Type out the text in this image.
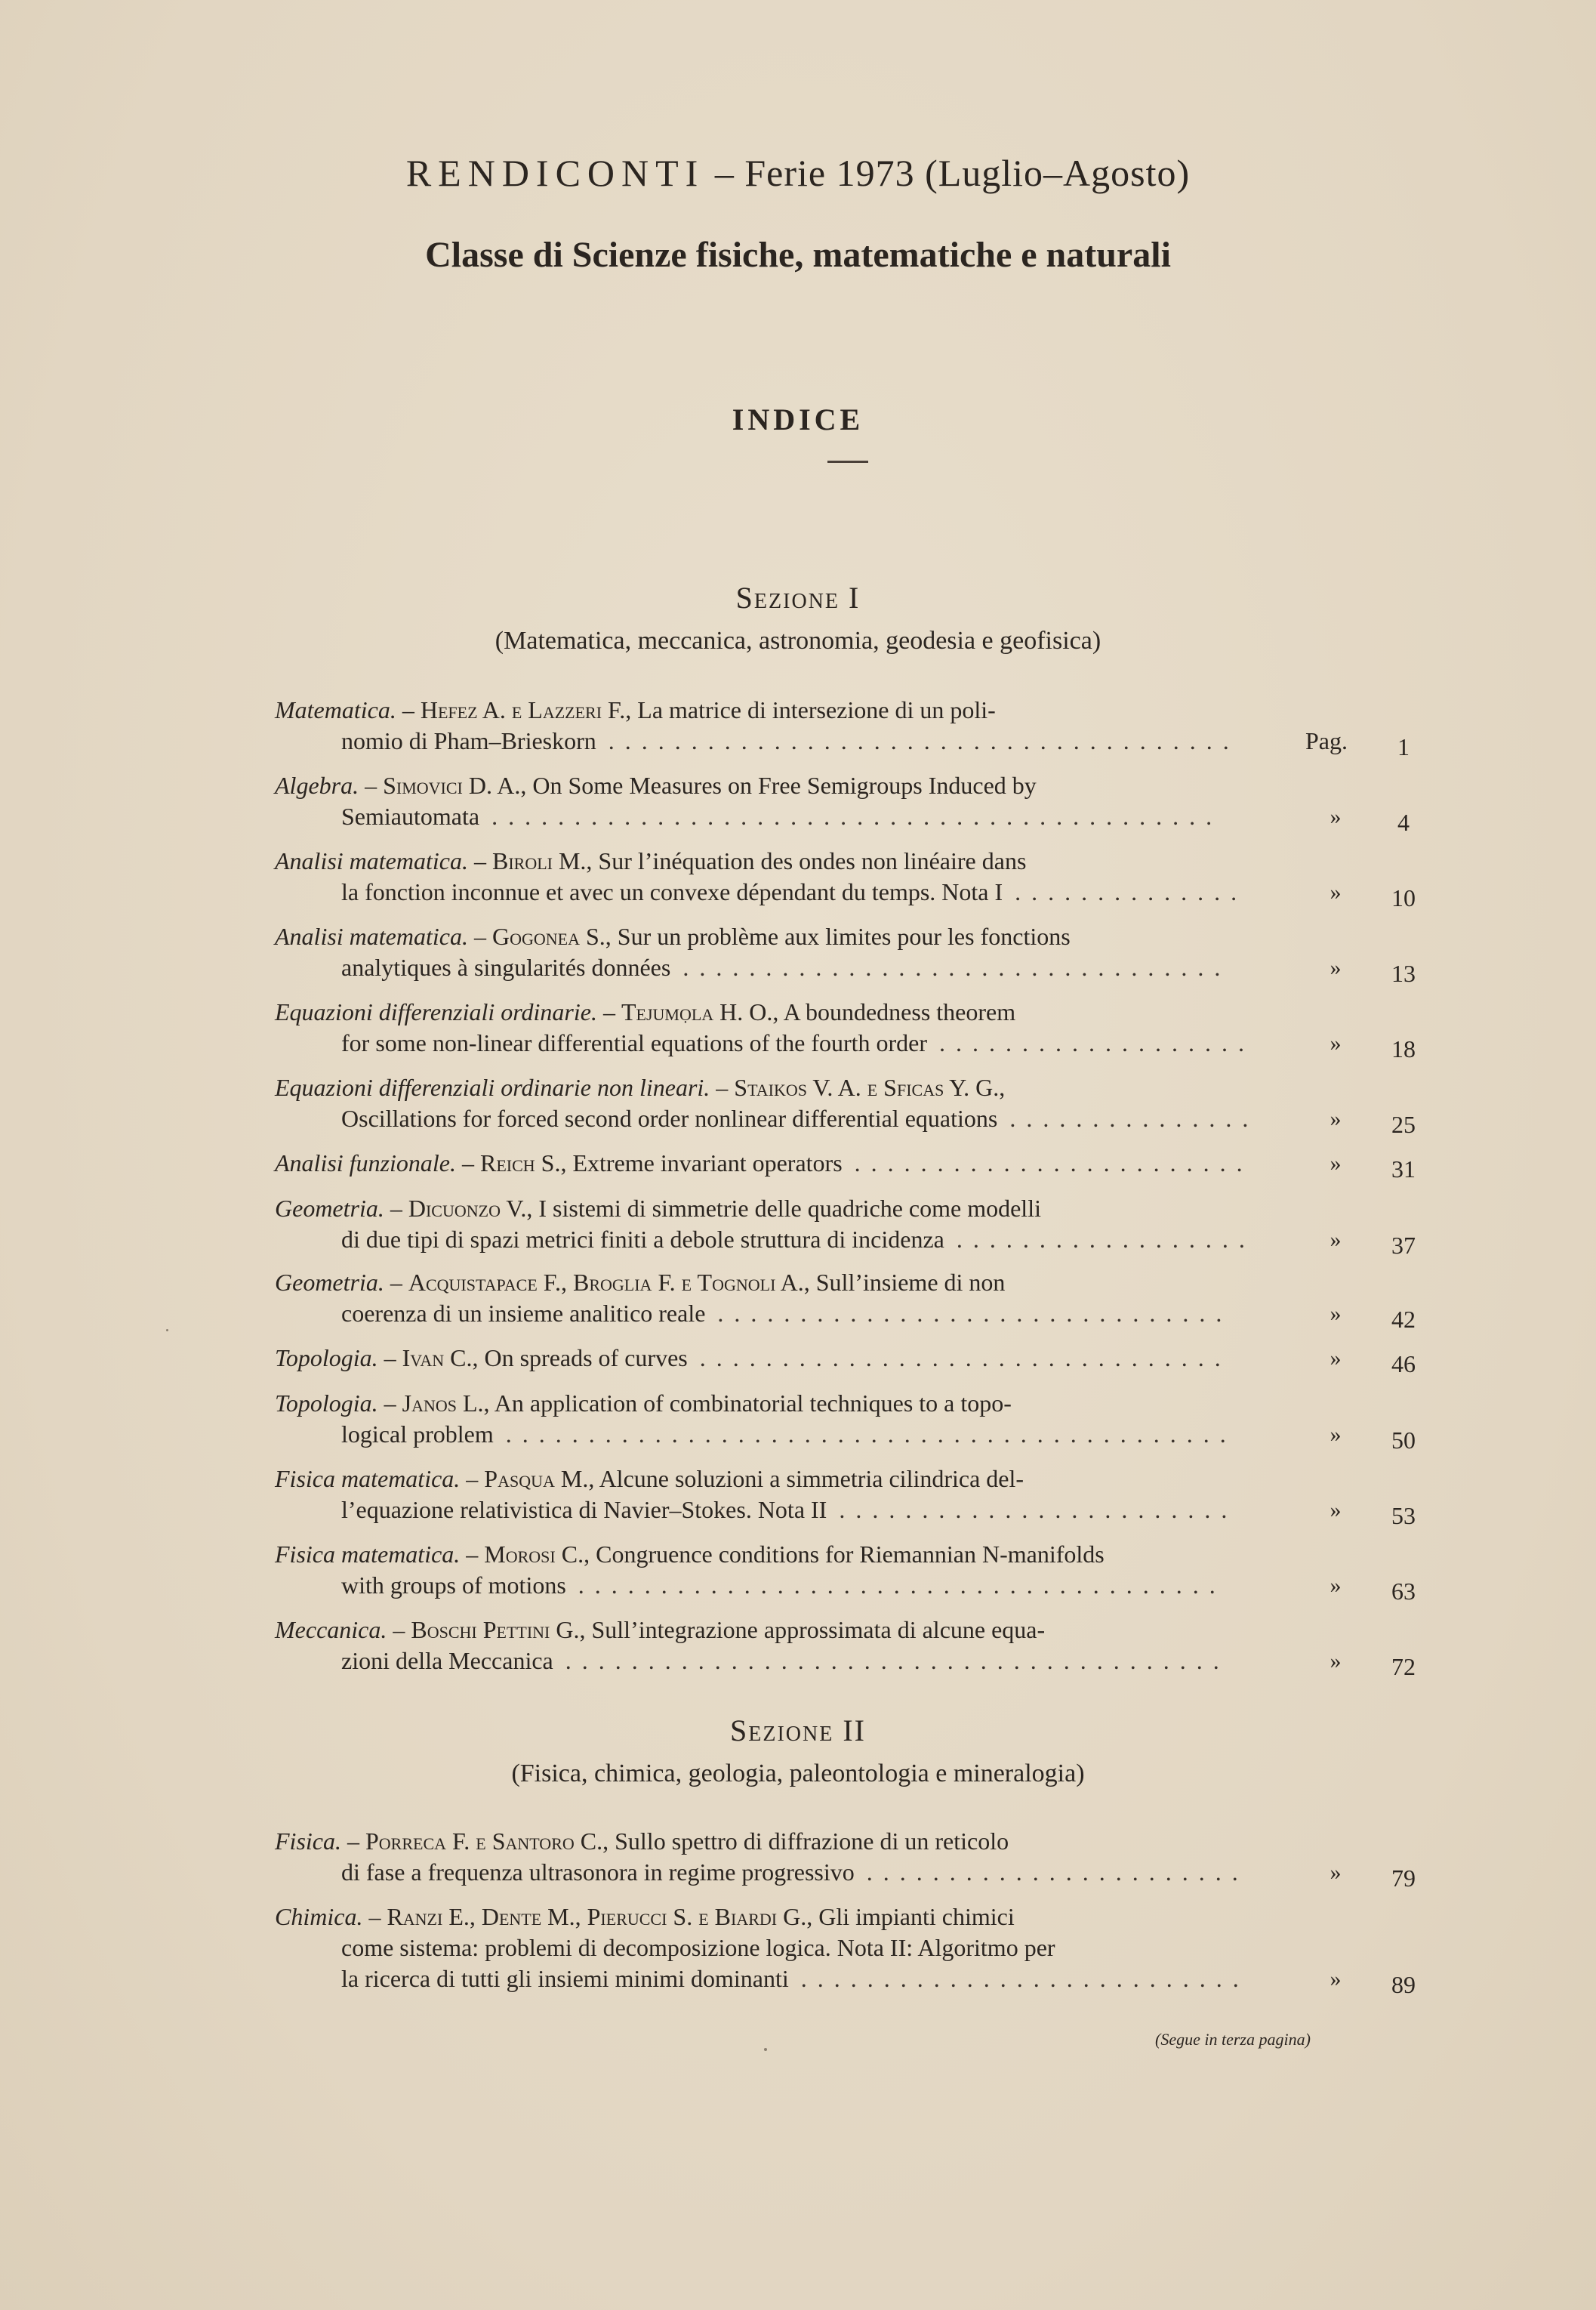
RENDICONTI – Ferie 1973 (Luglio–Agosto)
Classe di Scienze fisiche, matematiche e naturali
INDICE
Sezione I
(Matematica, meccanica, astronomia, geodesia e geofisica)
Matematica. – Hefez A. e Lazzeri F., La matrice di intersezione di un poli-
nomio di Pham–Brieskorn	Pag.	1
......................................
Algebra. – Simovici D. A., On Some Measures on Free Semigroups Induced by
Semiautomata	»	4
............................................
Analisi matematica. – Biroli M., Sur l’inéquation des ondes non linéaire dans
la fonction inconnue et avec un convexe dépendant du temps. Nota I	»	10
..............
Analisi matematica. – Gogonea S., Sur un problème aux limites pour les fonctions
analytiques à singularités données	»	13
.................................
Equazioni differenziali ordinarie. – Tejumọla H. O., A boundedness theorem
for some non-linear differential equations of the fourth order	»	18
...................
Equazioni differenziali ordinarie non lineari. – Staikos V. A. e Sficas Y. G.,
Oscillations for forced second order nonlinear differential equations	»	25
...............
Analisi funzionale. – Reich S., Extreme invariant operators	»	31
........................
Geometria. – Dicuonzo V., I sistemi di simmetrie delle quadriche come modelli
di due tipi di spazi metrici finiti a debole struttura di incidenza	»	37
..................
Geometria. – Acquistapace F., Broglia F. e Tognoli A., Sull’insieme di non
coerenza di un insieme analitico reale	»	42
...............................
Topologia. – Ivan C., On spreads of curves	»	46
................................
Topologia. – Janos L., An application of combinatorial techniques to a topo-
logical problem	»	50
............................................
Fisica matematica. – Pasqua M., Alcune soluzioni a simmetria cilindrica del-
l’equazione relativistica di Navier–Stokes. Nota II	»	53
........................
Fisica matematica. – Morosi C., Congruence conditions for Riemannian N-manifolds
with groups of motions	»	63
.......................................
Meccanica. – Boschi Pettini G., Sull’integrazione approssimata di alcune equa-
zioni della Meccanica	»	72
........................................
Sezione II
(Fisica, chimica, geologia, paleontologia e mineralogia)
Fisica. – Porreca F. e Santoro C., Sullo spettro di diffrazione di un reticolo
di fase a frequenza ultrasonora in regime progressivo	»	79
.......................
Chimica. – Ranzi E., Dente M., Pierucci S. e Biardi G., Gli impianti chimici
come sistema: problemi di decomposizione logica. Nota II: Algoritmo per
la ricerca di tutti gli insiemi minimi dominanti	»	89
...........................
(Segue in terza pagina)
